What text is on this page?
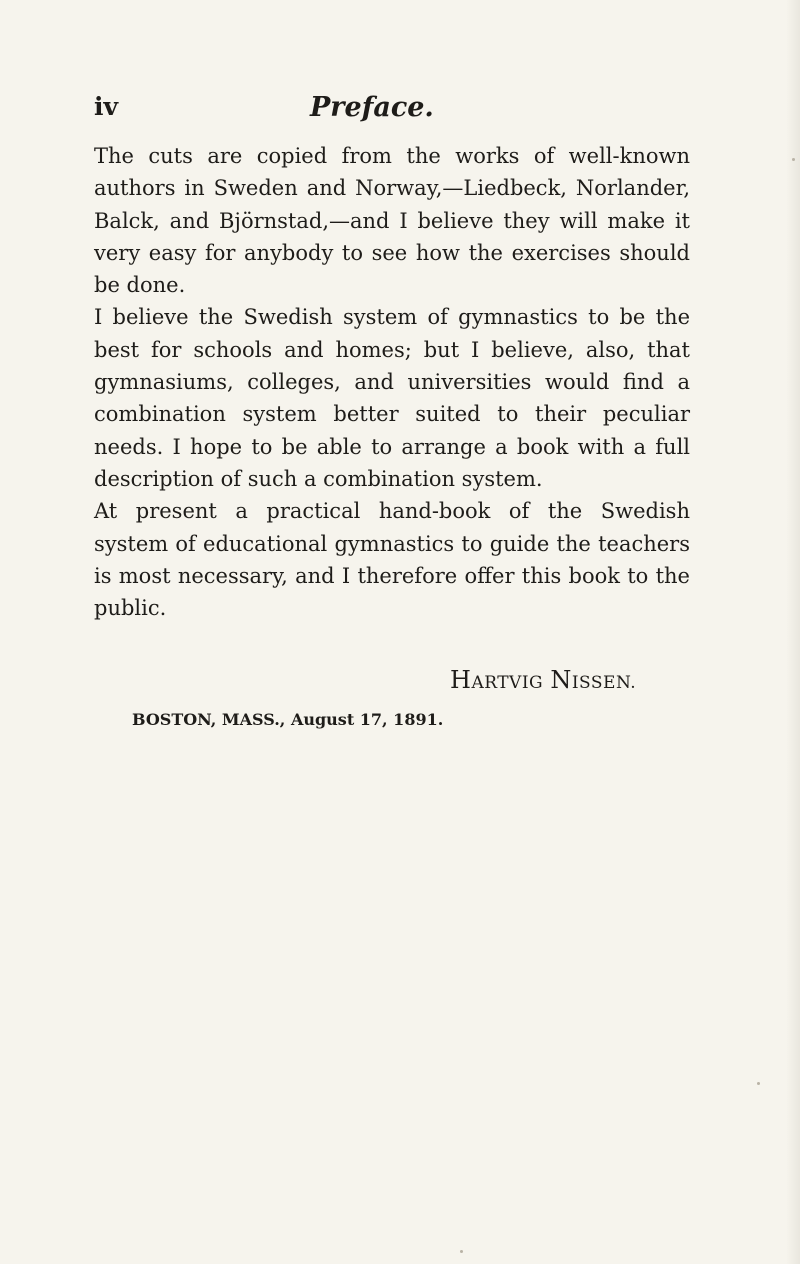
iv	Preface.
The cuts are copied from the works of well-known
authors in Sweden and Norway,—Liedbeck, Norlander,
Balck, and Björnstad,—and I believe they will make it
very easy for anybody to see how the exercises should
be done.
I believe the Swedish system of gymnastics to be the
best for schools and homes; but I believe, also, that
gymnasiums, colleges, and universities would find a
combination system better suited to their peculiar
needs. I hope to be able to arrange a book with a full
description of such a combination system.
At present a practical hand-book of the Swedish
system of educational gymnastics to guide the teachers
is most necessary, and I therefore offer this book to the
public.
HARTVIG NISSEN.
BOSTON, MASS., August 17, 1891.
